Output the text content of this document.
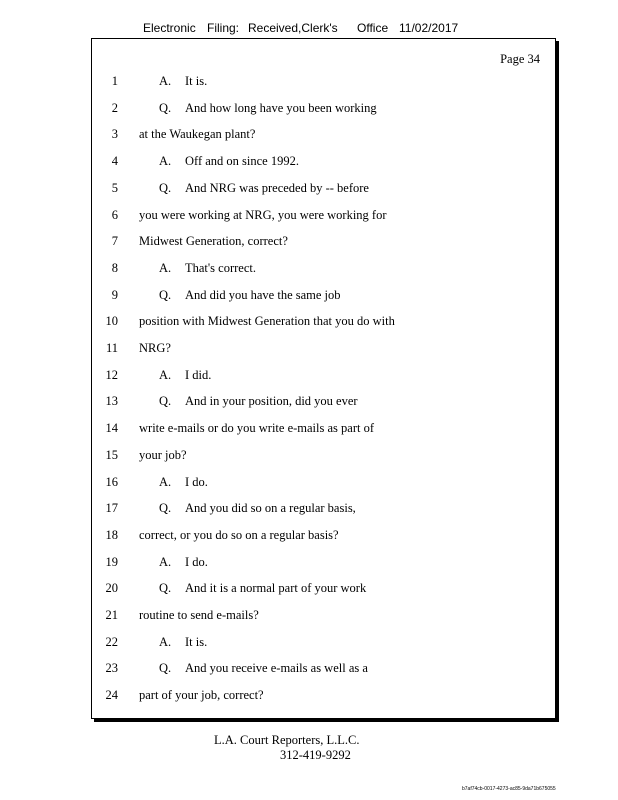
Electronic Filing: Received,Clerk's Office 11/02/2017
Page 34
1	A. It is.
2	Q. And how long have you been working
3 at the Waukegan plant?
4	A. Off and on since 1992.
5	Q. And NRG was preceded by -- before
6 you were working at NRG, you were working for
7 Midwest Generation, correct?
8	A. That's correct.
9	Q. And did you have the same job
10 position with Midwest Generation that you do with
11 NRG?
12	A. I did.
13	Q. And in your position, did you ever
14 write e-mails or do you write e-mails as part of
15 your job?
16	A. I do.
17	Q. And you did so on a regular basis,
18 correct, or you do so on a regular basis?
19	A. I do.
20	Q. And it is a normal part of your work
21 routine to send e-mails?
22	A. It is.
23	Q. And you receive e-mails as well as a
24 part of your job, correct?
L.A. Court Reporters, L.L.C.
312-419-9292
b7af74cb-0017-4273-ac85-9da71b675055
